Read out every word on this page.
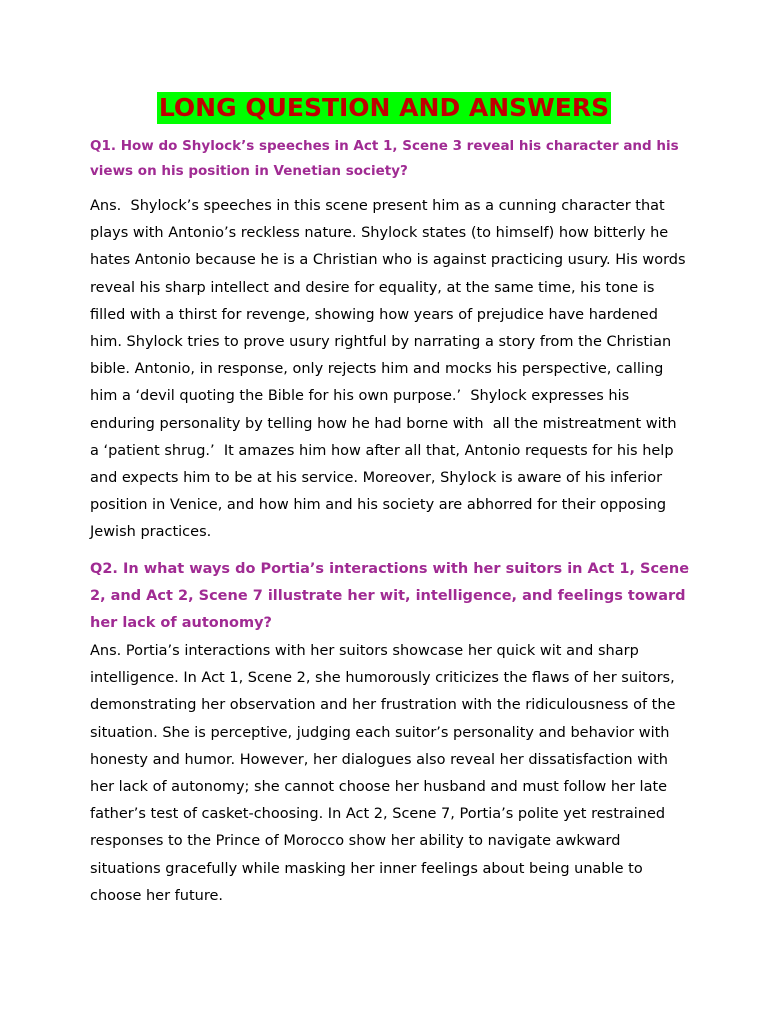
LONG QUESTION AND ANSWERS

Q1. How do Shylock’s speeches in Act 1, Scene 3 reveal his character and his views on his position in Venetian society?

Ans.  Shylock’s speeches in this scene present him as a cunning character that plays with Antonio’s reckless nature. Shylock states (to himself) how bitterly he hates Antonio because he is a Christian who is against practicing usury. His words reveal his sharp intellect and desire for equality, at the same time, his tone is filled with a thirst for revenge, showing how years of prejudice have hardened him. Shylock tries to prove usury rightful by narrating a story from the Christian bible. Antonio, in response, only rejects him and mocks his perspective, calling him a ‘devil quoting the Bible for his own purpose.’  Shylock expresses his enduring personality by telling how he had borne with  all the mistreatment with a ‘patient shrug.’  It amazes him how after all that, Antonio requests for his help and expects him to be at his service. Moreover, Shylock is aware of his inferior position in Venice, and how him and his society are abhorred for their opposing Jewish practices.

Q2. In what ways do Portia’s interactions with her suitors in Act 1, Scene 2, and Act 2, Scene 7 illustrate her wit, intelligence, and feelings toward her lack of autonomy?

Ans. Portia’s interactions with her suitors showcase her quick wit and sharp intelligence. In Act 1, Scene 2, she humorously criticizes the flaws of her suitors, demonstrating her observation and her frustration with the ridiculousness of the situation. She is perceptive, judging each suitor’s personality and behavior with honesty and humor. However, her dialogues also reveal her dissatisfaction with her lack of autonomy; she cannot choose her husband and must follow her late father’s test of casket-choosing. In Act 2, Scene 7, Portia’s polite yet restrained responses to the Prince of Morocco show her ability to navigate awkward situations gracefully while masking her inner feelings about being unable to choose her future.
